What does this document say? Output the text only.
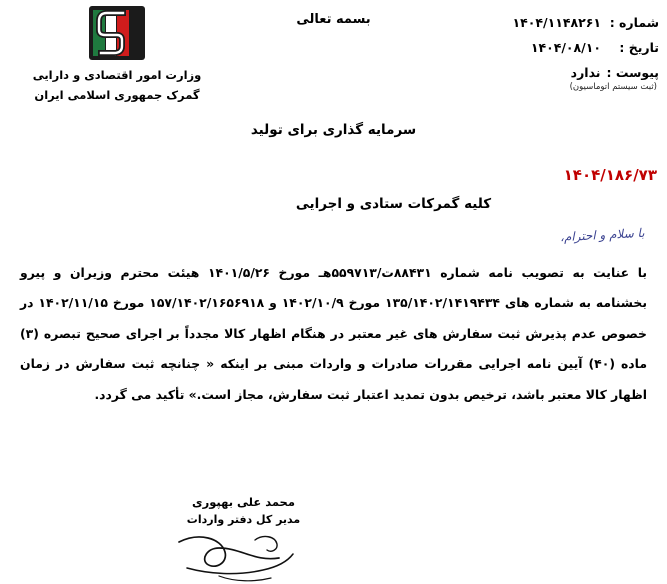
شماره :
۱۴۰۴/۱۱۴۸۲۶۱
تاریخ :
۱۴۰۴/۰۸/۱۰
پیوست :
ندارد
(ثبت سیستم اتوماسیون)
بسمه تعالی
وزارت امور اقتصادی و دارایی
گمرک جمهوری اسلامی ایران
سرمایه گذاری برای تولید
۱۴۰۴/۱۸۶/۷۳
کلیه گمرکات ستادی و اجرایی
با سلام و احترام،

با عنایت به تصویب نامه شماره ۸۸۴۳۱ت/۵۵۹۷۱۳هـ مورخ ۱۴۰۱/۵/۲۶ هیئت محترم وزیران و پیرو بخشنامه به شماره های ۱۳۵/۱۴۰۲/۱۴۱۹۴۳۴ مورخ ۱۴۰۲/۱۰/۹ و ۱۵۷/۱۴۰۲/۱۶۵۶۹۱۸ مورخ ۱۴۰۲/۱۱/۱۵ در خصوص عدم پذیرش ثبت سفارش های غیر معتبر در هنگام اظهار کالا مجدداً بر اجرای صحیح تبصره (۳) ماده (۴۰) آیین نامه اجرایی مقررات صادرات و واردات مبنی بر اینکه « چنانچه ثبت سفارش در زمان اظهار کالا معتبر باشد، ترخیص بدون تمدید اعتبار ثبت سفارش، مجاز است.» تأکید می گردد.

محمد علی بهپوری
مدیر کل دفتر واردات
